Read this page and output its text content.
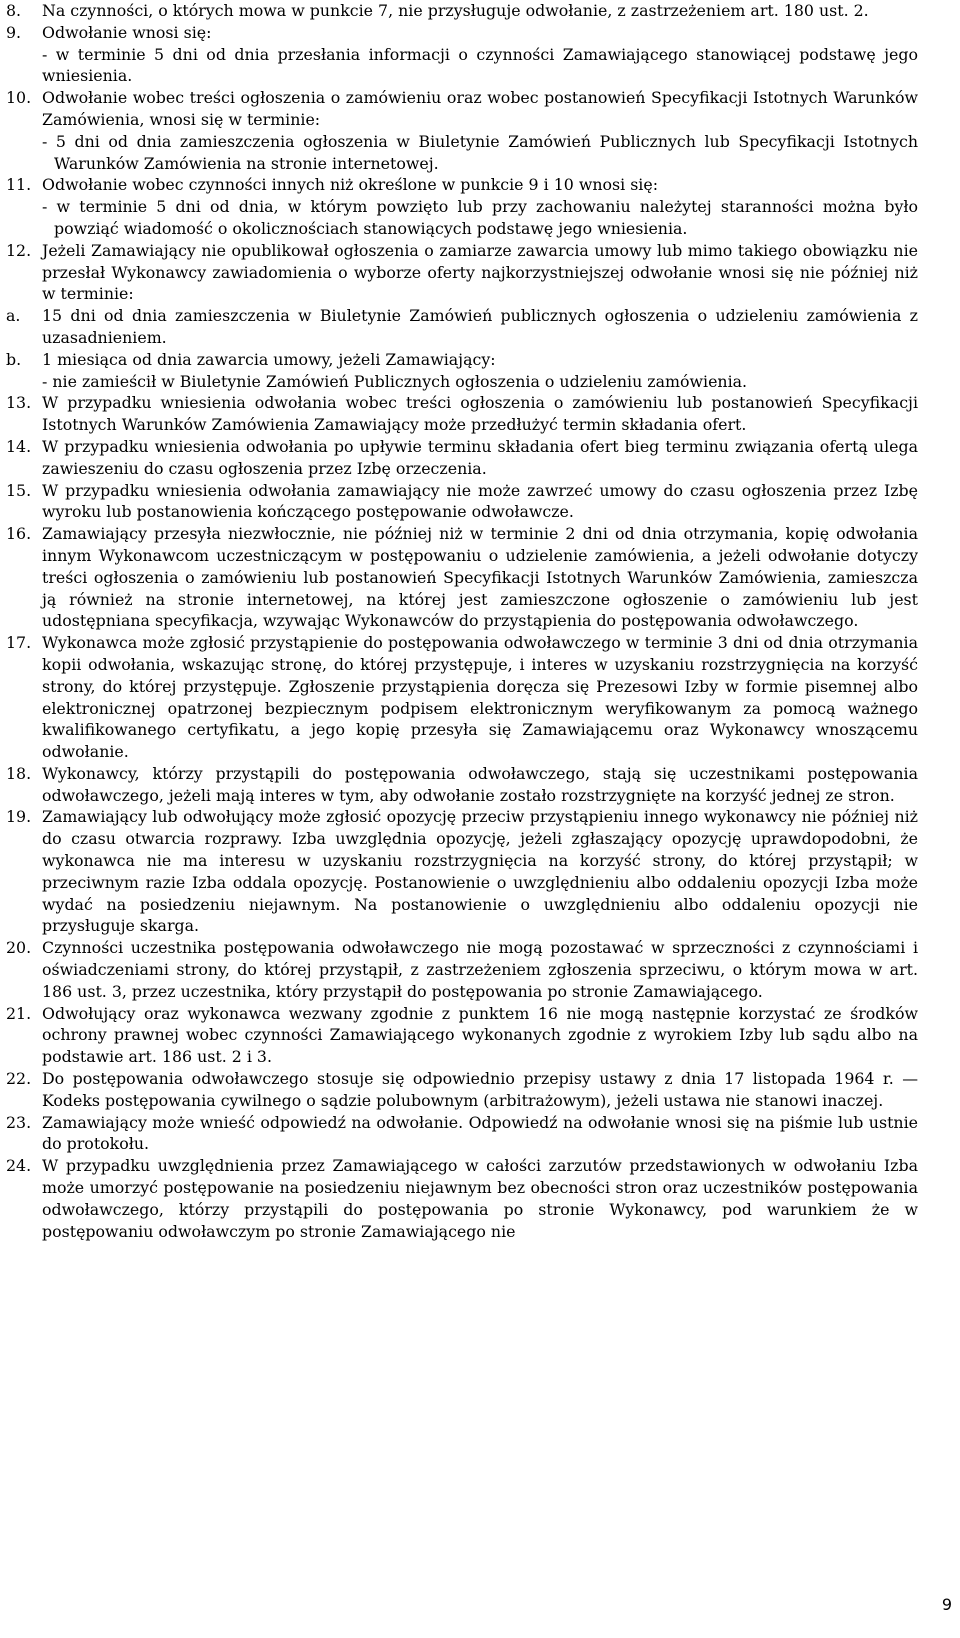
8. Na czynności, o których mowa w punkcie 7, nie przysługuje odwołanie, z zastrzeżeniem art. 180 ust. 2.
9. Odwołanie wnosi się:
- w terminie 5 dni od dnia przesłania informacji o czynności Zamawiającego stanowiącej podstawę jego wniesienia.
10. Odwołanie wobec treści ogłoszenia o zamówieniu oraz wobec postanowień Specyfikacji Istotnych Warunków Zamówienia, wnosi się w terminie:
- 5 dni od dnia zamieszczenia ogłoszenia w Biuletynie Zamówień Publicznych lub Specyfikacji Istotnych Warunków Zamówienia na stronie internetowej.
11. Odwołanie wobec czynności innych niż określone w punkcie 9 i 10 wnosi się:
- w terminie 5 dni od dnia, w którym powzięto lub przy zachowaniu należytej staranności można było powziąć wiadomość o okolicznościach stanowiących podstawę jego wniesienia.
12. Jeżeli Zamawiający nie opublikował ogłoszenia o zamiarze zawarcia umowy lub mimo takiego obowiązku nie przesłał Wykonawcy zawiadomienia o wyborze oferty najkorzystniejszej odwołanie wnosi się nie później niż w terminie:
a. 15 dni od dnia zamieszczenia w Biuletynie Zamówień publicznych ogłoszenia o udzieleniu zamówienia z uzasadnieniem.
b. 1 miesiąca od dnia zawarcia umowy, jeżeli Zamawiający:
- nie zamieścił w Biuletynie Zamówień Publicznych ogłoszenia o udzieleniu zamówienia.
13. W przypadku wniesienia odwołania wobec treści ogłoszenia o zamówieniu lub postanowień Specyfikacji Istotnych Warunków Zamówienia Zamawiający może przedłużyć termin składania ofert.
14. W przypadku wniesienia odwołania po upływie terminu składania ofert bieg terminu związania ofertą ulega zawieszeniu do czasu ogłoszenia przez Izbę orzeczenia.
15. W przypadku wniesienia odwołania zamawiający nie może zawrzeć umowy do czasu ogłoszenia przez Izbę wyroku lub postanowienia kończącego postępowanie odwoławcze.
16. Zamawiający przesyła niezwłocznie, nie później niż w terminie 2 dni od dnia otrzymania, kopię odwołania innym Wykonawcom uczestniczącym w postępowaniu o udzielenie zamówienia, a jeżeli odwołanie dotyczy treści ogłoszenia o zamówieniu lub postanowień Specyfikacji Istotnych Warunków Zamówienia, zamieszcza ją również na stronie internetowej, na której jest zamieszczone ogłoszenie o zamówieniu lub jest udostępniana specyfikacja, wzywając Wykonawców do przystąpienia do postępowania odwoławczego.
17. Wykonawca może zgłosić przystąpienie do postępowania odwoławczego w terminie 3 dni od dnia otrzymania kopii odwołania, wskazując stronę, do której przystępuje, i interes w uzyskaniu rozstrzygnięcia na korzyść strony, do której przystępuje. Zgłoszenie przystąpienia doręcza się Prezesowi Izby w formie pisemnej albo elektronicznej opatrzonej bezpiecznym podpisem elektronicznym weryfikowanym za pomocą ważnego kwalifikowanego certyfikatu, a jego kopię przesyła się Zamawiającemu oraz Wykonawcy wnoszącemu odwołanie.
18. Wykonawcy, którzy przystąpili do postępowania odwoławczego, stają się uczestnikami postępowania odwoławczego, jeżeli mają interes w tym, aby odwołanie zostało rozstrzygnięte na korzyść jednej ze stron.
19. Zamawiający lub odwołujący może zgłosić opozycję przeciw przystąpieniu innego wykonawcy nie później niż do czasu otwarcia rozprawy. Izba uwzględnia opozycję, jeżeli zgłaszający opozycję uprawdopodobni, że wykonawca nie ma interesu w uzyskaniu rozstrzygnięcia na korzyść strony, do której przystąpił; w przeciwnym razie Izba oddala opozycję. Postanowienie o uwzględnieniu albo oddaleniu opozycji Izba może wydać na posiedzeniu niejawnym. Na postanowienie o uwzględnieniu albo oddaleniu opozycji nie przysługuje skarga.
20. Czynności uczestnika postępowania odwoławczego nie mogą pozostawać w sprzeczności z czynnościami i oświadczeniami strony, do której przystąpił, z zastrzeżeniem zgłoszenia sprzeciwu, o którym mowa w art. 186 ust. 3, przez uczestnika, który przystąpił do postępowania po stronie Zamawiającego.
21. Odwołujący oraz wykonawca wezwany zgodnie z punktem 16 nie mogą następnie korzystać ze środków ochrony prawnej wobec czynności Zamawiającego wykonanych zgodnie z wyrokiem Izby lub sądu albo na podstawie art. 186 ust. 2 i 3.
22. Do postępowania odwoławczego stosuje się odpowiednio przepisy ustawy z dnia 17 listopada 1964 r. — Kodeks postępowania cywilnego o sądzie polubownym (arbitrażowym), jeżeli ustawa nie stanowi inaczej.
23. Zamawiający może wnieść odpowiedź na odwołanie. Odpowiedź na odwołanie wnosi się na piśmie lub ustnie do protokołu.
24. W przypadku uwzględnienia przez Zamawiającego w całości zarzutów przedstawionych w odwołaniu Izba może umorzyć postępowanie na posiedzeniu niejawnym bez obecności stron oraz uczestników postępowania odwoławczego, którzy przystąpili do postępowania po stronie Wykonawcy, pod warunkiem że w postępowaniu odwoławczym po stronie Zamawiającego nie
9
